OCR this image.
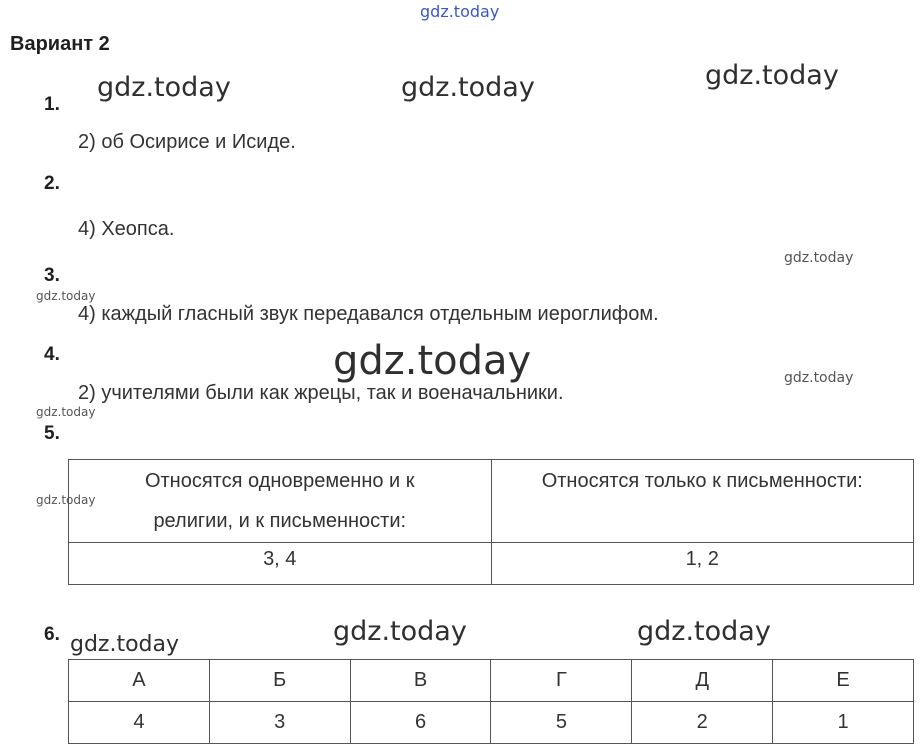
gdz.today
gdz.today	gdz.today	gdz.today
gdz.today
gdz.today
gdz.today	gdz.today
gdz.today
gdz.today
gdz.today	gdz.today
gdz.today
Вариант 2
1.
2) об Осирисе и Исиде.
2.
4) Хеопса.
3.
4) каждый гласный звук передавался отдельным иероглифом.
4.
2) учителями были как жрецы, так и военачальники.
5.
Относятся одновременно и к
религии, и к письменности:	Относятся только к письменности:

3, 4	1, 2
6.
А	Б	В	Г	Д	Е
4	3	6	5	2	1
